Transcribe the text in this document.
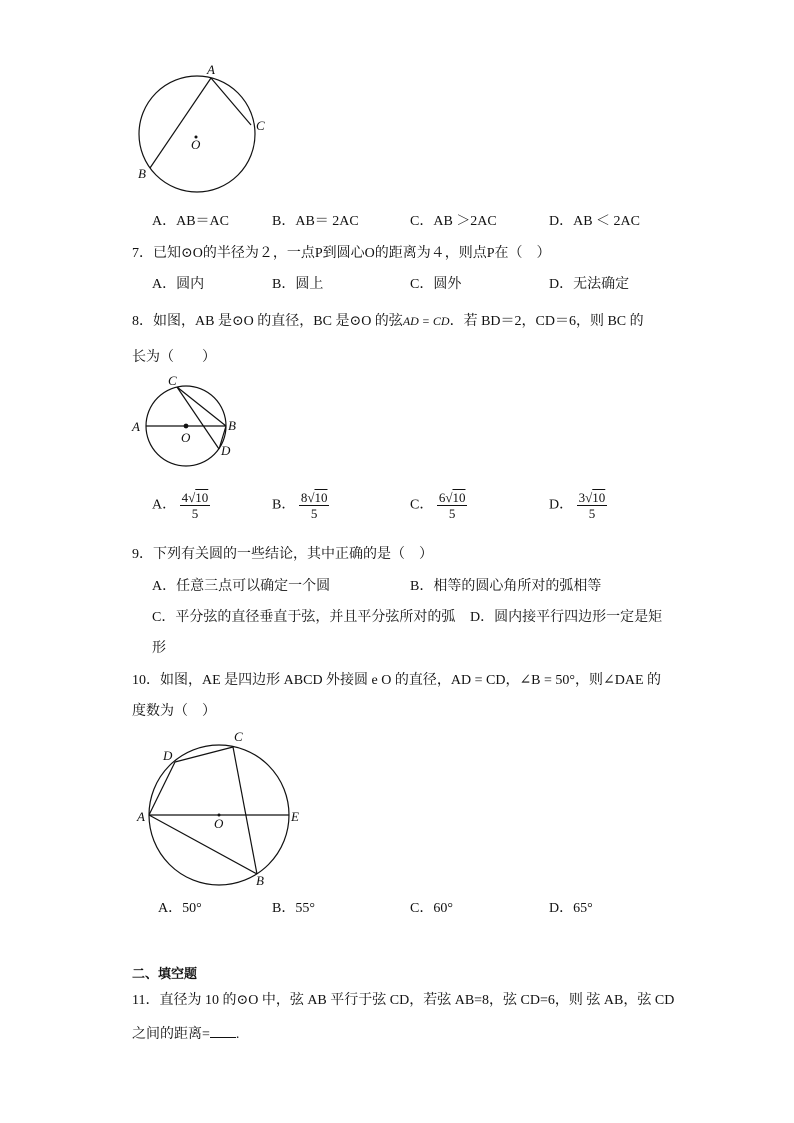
A
B
C
O
A．AB＝AC	B．AB＝ 2AC	C．AB ＞2AC	D．AB ＜ 2AC
7．已知⊙O的半径为２，一点P到圆心O的距离为４，则点P在（　）
A．圆内	B．圆上	C．圆外	D．无法确定
8．如图，AB 是⊙O 的直径，BC 是⊙O 的弦AD = CD．若 BD＝2，CD＝6，则 BC 的
长为（　　）
A	B
C
D
O
A． $\frac{4√10}{5}$	B． $\frac{8√10}{5}$	C． $\frac{6√10}{5}$	D． $\frac{3√10}{5}$
9．下列有关圆的一些结论，其中正确的是（　）
A．任意三点可以确定一个圆	B．相等的圆心角所对的弧相等
C．平分弦的直径垂直于弦，并且平分弦所对的弧 D．圆内接平行四边形一定是矩
形
10．如图，AE 是四边形 ABCD 外接圆 e O 的直径，AD = CD，∠B = 50°，则∠DAE 的
度数为（　）
A
B
C
D
E
O
A．50°	B．55°	C．60°	D．65°
二、填空题
11．直径为 10 的⊙O 中，弦 AB 平行于弦 CD，若弦 AB=8，弦 CD=6，则 弦 AB，弦 CD
之间的距离= .
